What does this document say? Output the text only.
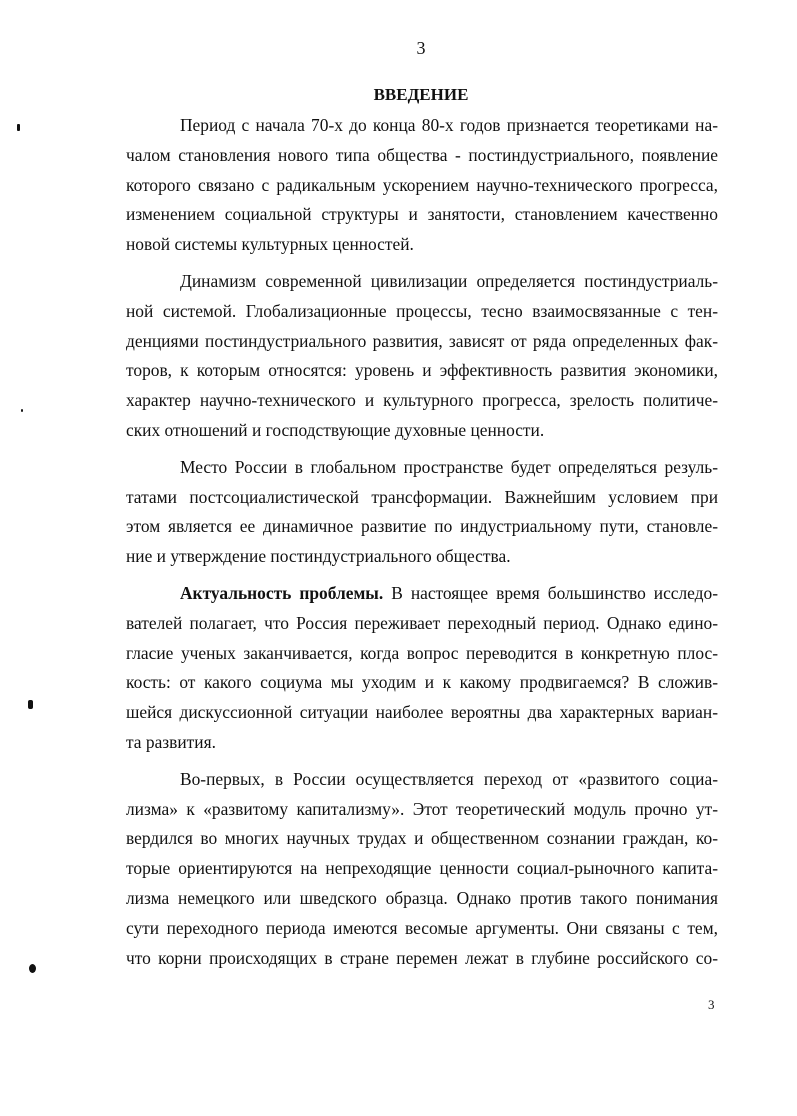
3
ВВЕДЕНИЕ
Период с начала 70-х до конца 80-х годов признается теоретиками на-
чалом становления нового типа общества - постиндустриального, появление
которого связано с радикальным ускорением научно-технического прогресса,
изменением социальной структуры и занятости, становлением качественно
новой системы культурных ценностей.
Динамизм современной цивилизации определяется постиндустриаль-
ной системой. Глобализационные процессы, тесно взаимосвязанные с тен-
денциями постиндустриального развития, зависят от ряда определенных фак-
торов, к которым относятся: уровень и эффективность развития экономики,
характер научно-технического и культурного прогресса, зрелость политиче-
ских отношений и господствующие духовные ценности.
Место России в глобальном пространстве будет определяться резуль-
татами постсоциалистической трансформации. Важнейшим условием при
этом является ее динамичное развитие по индустриальному пути, становле-
ние и утверждение постиндустриального общества.
Актуальность проблемы. В настоящее время большинство исследо-
вателей полагает, что Россия переживает переходный период. Однако едино-
гласие ученых заканчивается, когда вопрос переводится в конкретную плос-
кость: от какого социума мы уходим и к какому продвигаемся? В сложив-
шейся дискуссионной ситуации наиболее вероятны два характерных вариан-
та развития.
Во-первых, в России осуществляется переход от «развитого социа-
лизма» к «развитому капитализму». Этот теоретический модуль прочно ут-
вердился во многих научных трудах и общественном сознании граждан, ко-
торые ориентируются на непреходящие ценности социал-рыночного капита-
лизма немецкого или шведского образца. Однако против такого понимания
сути переходного периода имеются весомые аргументы. Они связаны с тем,
что корни происходящих в стране перемен лежат в глубине российского со-
3
